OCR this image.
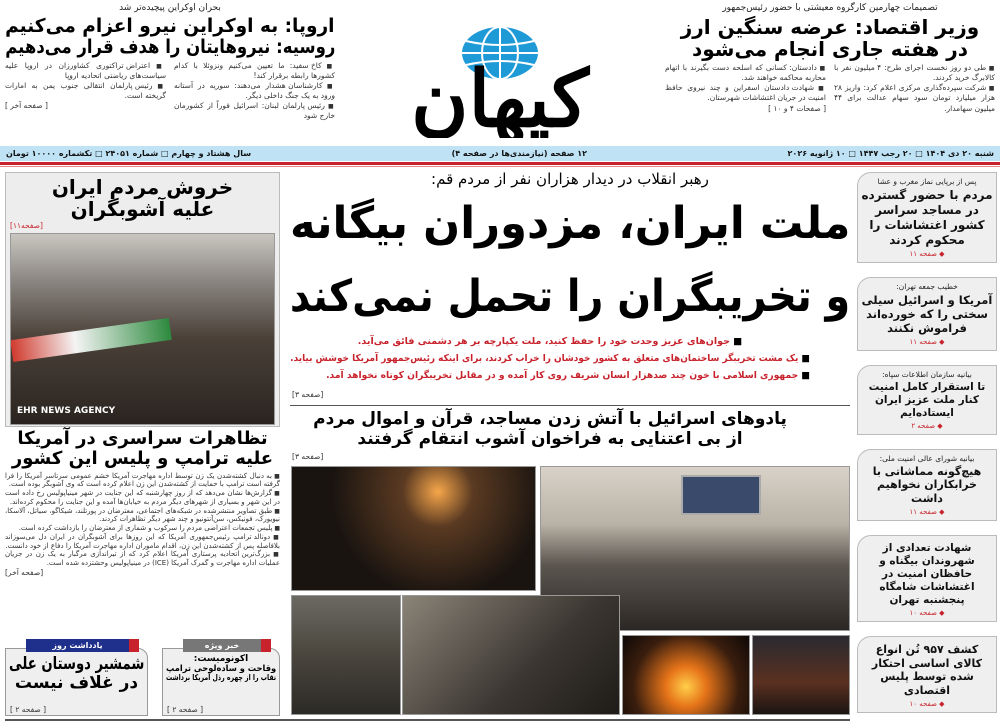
بحران اوکراین پیچیده‌تر شد
اروپا: به اوکراین نیرو اعزام می‌کنیم
روسیه: نیروهایتان را هدف قرار می‌دهیم
■ کاخ سفید: ما تعیین می‌کنیم ونزوئلا با کدام کشورها رابطه برقرار کند!
■ کارشناسان هشدار می‌دهند: سوریه در آستانه ورود به یک جنگ داخلی دیگر.
■ رئیس پارلمان لبنان: اسرائیل فوراً از کشورمان خارج شود
■ اعتراض تراکتوری کشاورزان در اروپا علیه سیاست‌های ریاضتی اتحادیه اروپا
■ رئیس پارلمان انتقالی جنوب یمن به امارات گریخته است.
[ صفحه آخر ]	کیهان
تصمیمات چهارمین کارگروه معیشتی با حضور رئیس‌جمهور
وزیر اقتصاد: عرضه سنگین ارز
در هفته جاری انجام می‌شود
■ طی دو روز نخست اجرای طرح: ۴ میلیون نفر با کالابرگ خرید کردند.
■ شرکت سپرده‌گذاری مرکزی اعلام کرد: واریز ۲۸ هزار میلیارد تومان سود سهام عدالت برای ۴۴ میلیون سهامدار.
■ دادستان: کسانی که اسلحه دست بگیرند با اتهام محاربه محاکمه خواهند شد.
■ شهادت دادستان اسفراین و چند نیروی حافظ امنیت در جریان اغتشاشات شهرستان.
[ صفحات ۴ و ۱۰ ]
شنبه ۲۰ دی ۱۴۰۴ □ ۲۰ رجب ۱۴۴۷ □ ۱۰ ژانویه ۲۰۲۶
۱۲ صفحه (نیازمندی‌ها در صفحه ۴)
سال هشتاد و چهارم □ شماره ۲۴۰۵۱ □ تکشماره ۱۰۰۰۰ تومان
رهبر انقلاب در دیدار هزاران نفر از مردم قم:
ملت ایران، مزدوران بیگانه
و تخریبگران را تحمل نمی‌کند
■ جوان‌های عزیز وحدت خود را حفظ کنید، ملت یکپارچه بر هر دشمنی فائق می‌آید.
■ یک مشت تخریبگر ساختمان‌های متعلق به کشور خودشان را خراب کردند، برای اینکه رئیس‌جمهور آمریکا خوشش بیاید.
■ جمهوری اسلامی با خون چند صدهزار انسان شریف روی کار آمده و در مقابل تخریبگران کوتاه نخواهد آمد.
[صفحه ۳]
پادوهای اسرائیل با آتش زدن مساجد، قرآن و اموال مردم
از بی اعتنایی به فراخوان آشوب انتقام گرفتند
[صفحه ۳]
خروش مردم ایران
علیه آشوبگران
[صفحه۱۱]
EHR NEWS AGENCY
تظاهرات سراسری در آمریکا
علیه ترامپ و پلیس این کشور
■ به دنبال کشته‌شدن یک زن توسط اداره مهاجرت آمریکا خشم عمومی سرتاسر آمریکا را فرا گرفته است ترامپ با حمایت از کشته‌شدن این زن اعلام کرده است که وی آشوبگر بوده است.
■ گزارش‌ها نشان می‌دهد که از روز چهارشنبه که این جنایت در شهر مینیاپولیس رخ داده است در این شهر و بسیاری از شهرهای دیگر مردم به خیابان‌ها آمده و این جنایت را محکوم کرده‌اند.
■ طبق تصاویر منتشرشده در شبکه‌های اجتماعی، معترضان در پورتلند، شیکاگو، سیاتل، آلاسکا، نیویورک، فونیکس، سن‌آنتونیو و چند شهر دیگر تظاهرات کردند.
■ پلیس تجمعات اعتراضی مردم را سرکوب و شماری از معترضان را بازداشت کرده است.
■ دونالد ترامپ رئیس‌جمهوری آمریکا که این روزها برای آشوبگران در ایران دل می‌سوزاند بلافاصله پس از کشته‌شدن این زن، اقدام ماموران اداره مهاجرت آمریکا را دفاع از خود دانست.
■ بزرگ‌ترین اتحادیه پرستاری آمریکا اعلام کرد که از تیراندازی مرگبار به یک زن در جریان عملیات اداره مهاجرت و گمرک آمریکا (ICE) در مینیاپولیس وحشتزده شده است.
[صفحه آخر]
یادداشت روز
شمشیر دوستان علی
در غلاف نیست
[ صفحه ۲ ]
خبر ویژه
اکونومیست:
وقاحت و ساده‌لوحی ترامپ
نقاب را از چهره رذل آمریکا برداشت
[ صفحه ۲ ]
پس از برپایی نماز مغرب و عشا
مردم با حضور گسترده در مساجد سراسر کشور اغتشاشات را محکوم کردند
◆ صفحه ۱۱
خطیب جمعه تهران:
آمریکا و اسرائیل سیلی سختی را که خورده‌اند فراموش نکنند
◆ صفحه ۱۱
بیانیه سازمان اطلاعات سپاه:
تا استقرار کامل امنیت کنار ملت عزیز ایران ایستاده‌ایم
◆ صفحه ۲
بیانیه شورای عالی امنیت ملی:
هیچ‌گونه مماشاتی با خرابکاران نخواهیم داشت
◆ صفحه ۱۱
شهادت تعدادی از شهروندان بیگناه و حافظان امنیت در اغتشاشات شامگاه پنجشنبه تهران
◆ صفحه ۱۰
کشف ۹۵۷ تُن انواع کالای اساسی احتکار شده توسط پلیس اقتصادی
◆ صفحه ۱۰
